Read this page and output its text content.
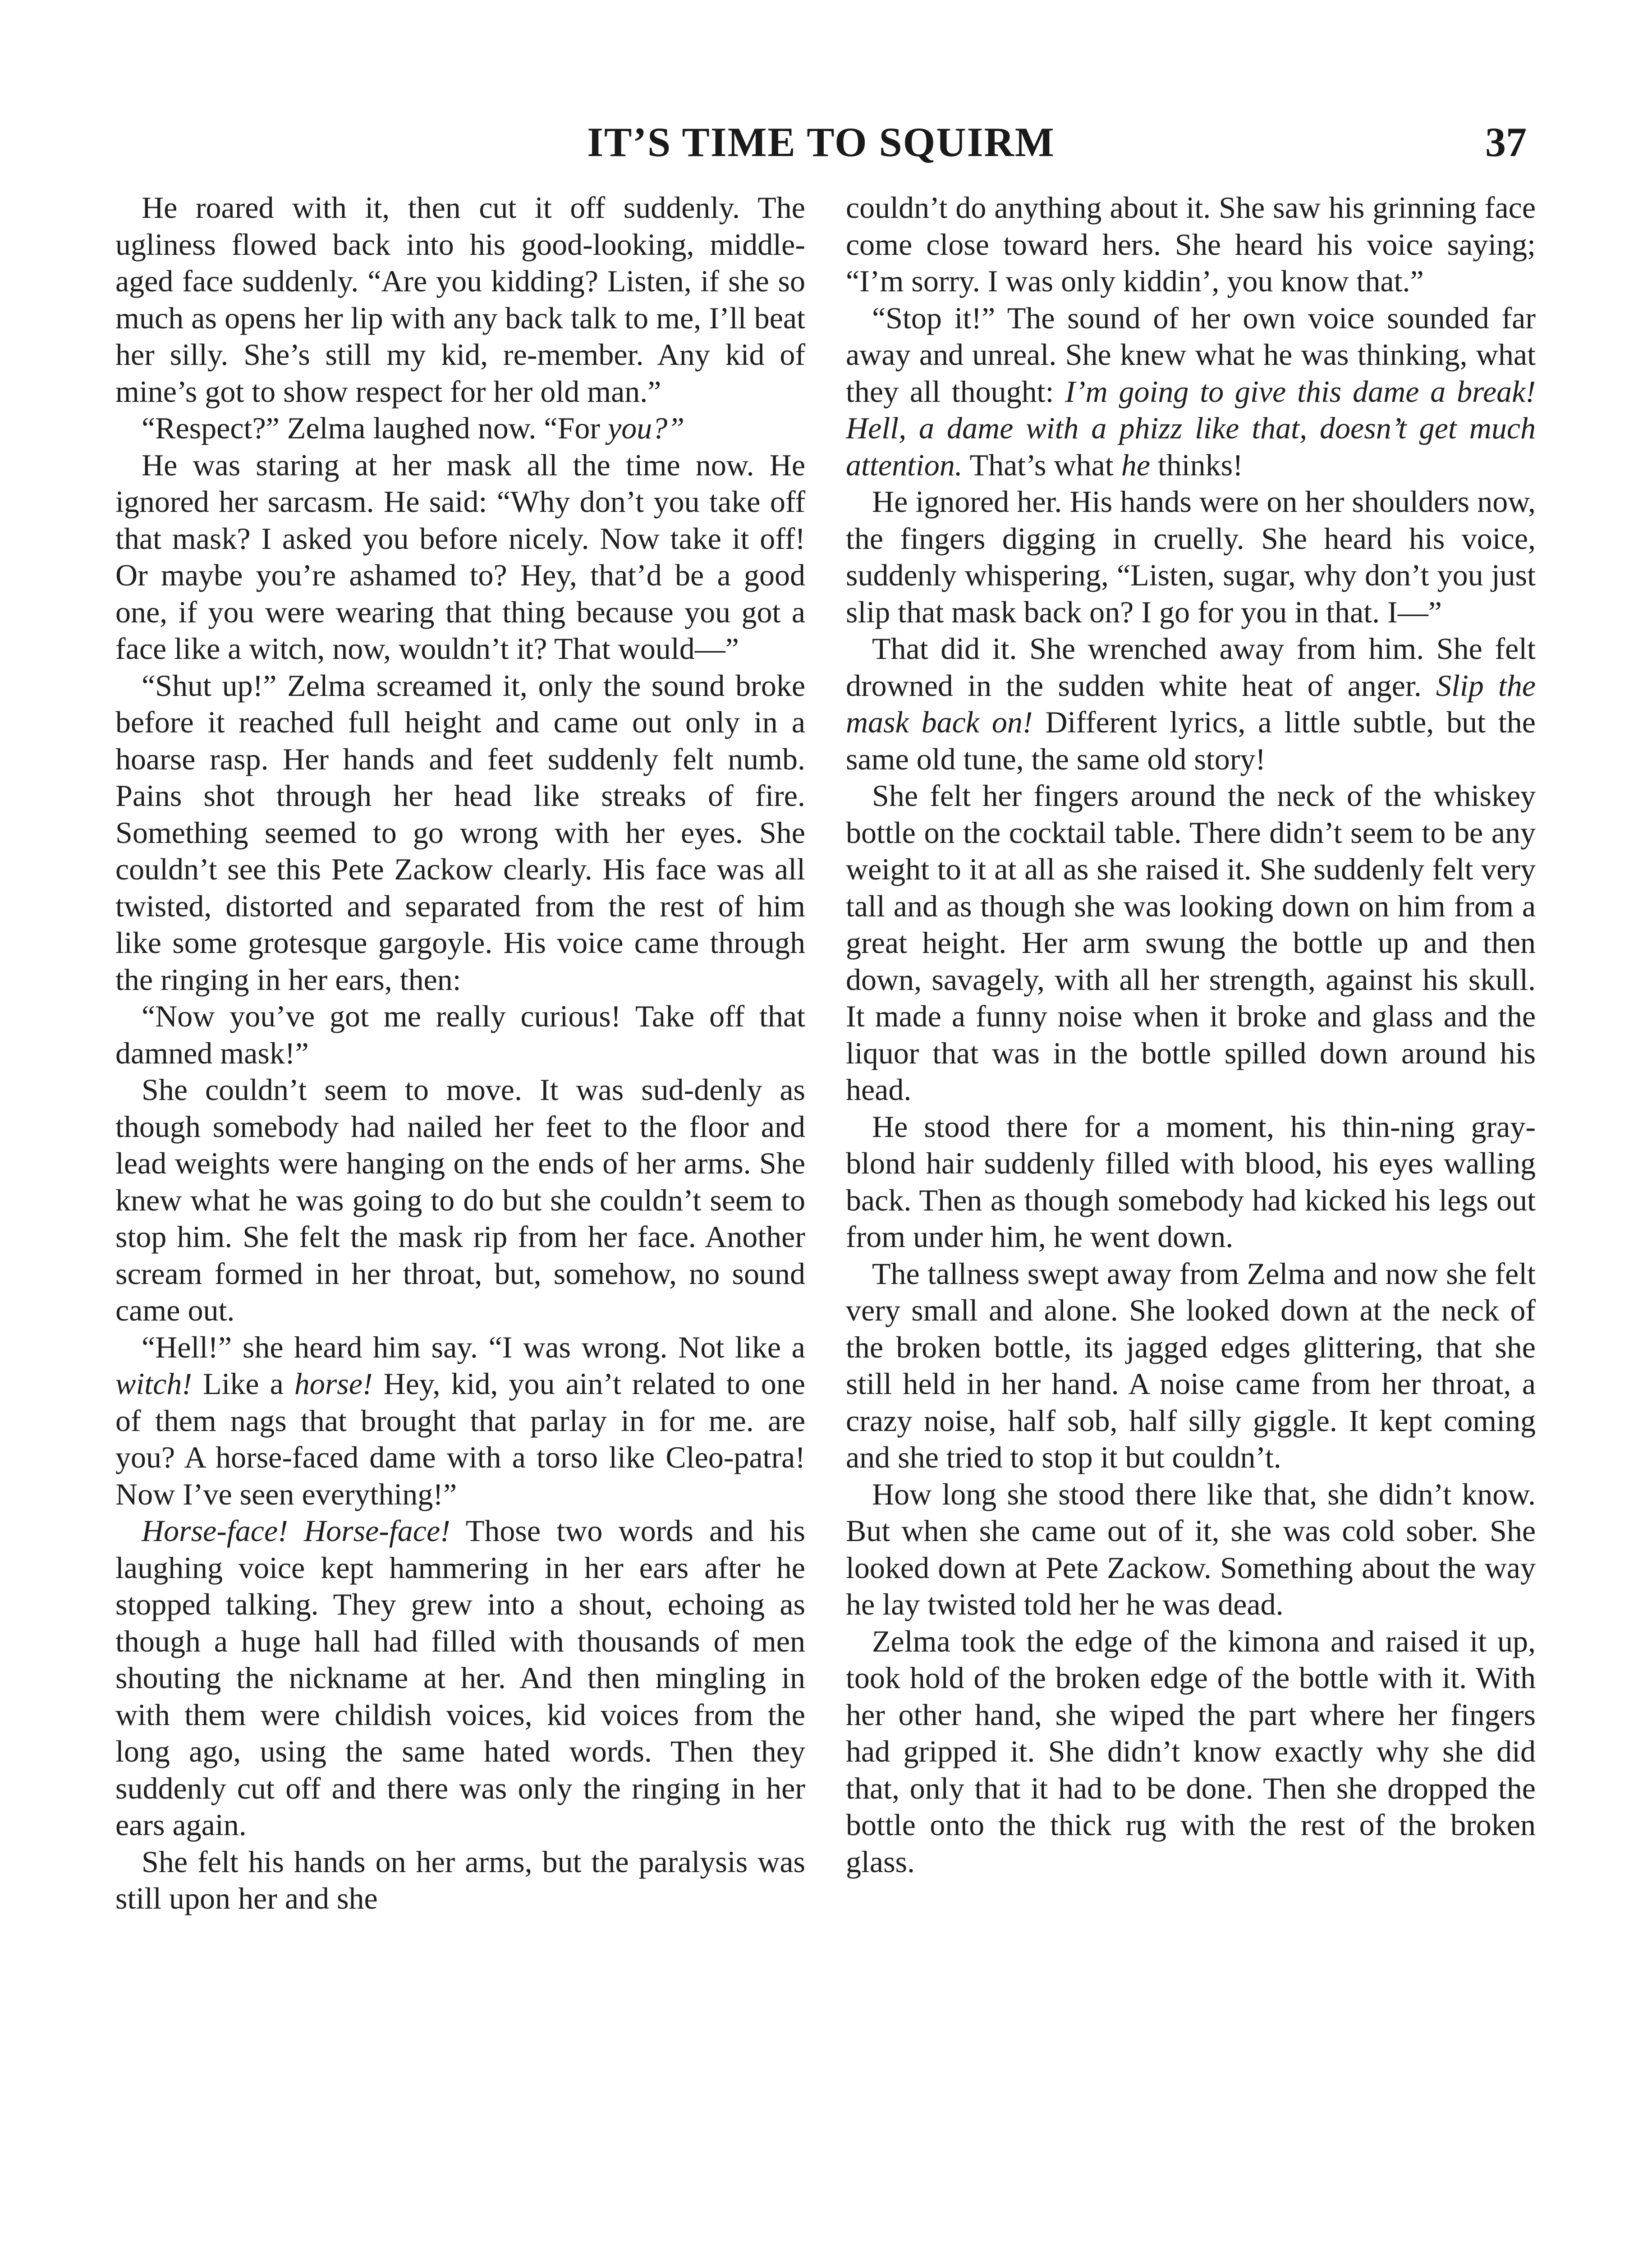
IT’S TIME TO SQUIRM	37

He roared with it, then cut it off suddenly. The ugliness flowed back into his good-looking, middle-aged face suddenly. “Are you kidding? Listen, if she so much as opens her lip with any back talk to me, I’ll beat her silly. She’s still my kid, re-member. Any kid of mine’s got to show respect for her old man.”

“Respect?” Zelma laughed now. “For you?”

He was staring at her mask all the time now. He ignored her sarcasm. He said: “Why don’t you take off that mask? I asked you before nicely. Now take it off! Or maybe you’re ashamed to? Hey, that’d be a good one, if you were wearing that thing because you got a face like a witch, now, wouldn’t it? That would—”

“Shut up!” Zelma screamed it, only the sound broke before it reached full height and came out only in a hoarse rasp. Her hands and feet suddenly felt numb. Pains shot through her head like streaks of fire. Something seemed to go wrong with her eyes. She couldn’t see this Pete Zackow clearly. His face was all twisted, distorted and separated from the rest of him like some grotesque gargoyle. His voice came through the ringing in her ears, then:

“Now you’ve got me really curious! Take off that damned mask!”

She couldn’t seem to move. It was sud-denly as though somebody had nailed her feet to the floor and lead weights were hanging on the ends of her arms. She knew what he was going to do but she couldn’t seem to stop him. She felt the mask rip from her face. Another scream formed in her throat, but, somehow, no sound came out.

“Hell!” she heard him say. “I was wrong. Not like a witch! Like a horse! Hey, kid, you ain’t related to one of them nags that brought that parlay in for me. are you? A horse-faced dame with a torso like Cleo-patra! Now I’ve seen everything!”

Horse-face! Horse-face! Those two words and his laughing voice kept hammering in her ears after he stopped talking. They grew into a shout, echoing as though a huge hall had filled with thousands of men shouting the nickname at her. And then mingling in with them were childish voices, kid voices from the long ago, using the same hated words. Then they suddenly cut off and there was only the ringing in her ears again.

She felt his hands on her arms, but the paralysis was still upon her and she

couldn’t do anything about it. She saw his grinning face come close toward hers. She heard his voice saying; “I’m sorry. I was only kiddin’, you know that.”

“Stop it!” The sound of her own voice sounded far away and unreal. She knew what he was thinking, what they all thought: I’m going to give this dame a break! Hell, a dame with a phizz like that, doesn’t get much attention. That’s what he thinks!

He ignored her. His hands were on her shoulders now, the fingers digging in cruelly. She heard his voice, suddenly whispering, “Listen, sugar, why don’t you just slip that mask back on? I go for you in that. I—”

That did it. She wrenched away from him. She felt drowned in the sudden white heat of anger. Slip the mask back on! Different lyrics, a little subtle, but the same old tune, the same old story!

She felt her fingers around the neck of the whiskey bottle on the cocktail table. There didn’t seem to be any weight to it at all as she raised it. She suddenly felt very tall and as though she was looking down on him from a great height. Her arm swung the bottle up and then down, savagely, with all her strength, against his skull. It made a funny noise when it broke and glass and the liquor that was in the bottle spilled down around his head.

He stood there for a moment, his thin-ning gray-blond hair suddenly filled with blood, his eyes walling back. Then as though somebody had kicked his legs out from under him, he went down.

The tallness swept away from Zelma and now she felt very small and alone. She looked down at the neck of the broken bottle, its jagged edges glittering, that she still held in her hand. A noise came from her throat, a crazy noise, half sob, half silly giggle. It kept coming and she tried to stop it but couldn’t.

How long she stood there like that, she didn’t know. But when she came out of it, she was cold sober. She looked down at Pete Zackow. Something about the way he lay twisted told her he was dead.

Zelma took the edge of the kimona and raised it up, took hold of the broken edge of the bottle with it. With her other hand, she wiped the part where her fingers had gripped it. She didn’t know exactly why she did that, only that it had to be done. Then she dropped the bottle onto the thick rug with the rest of the broken glass.
